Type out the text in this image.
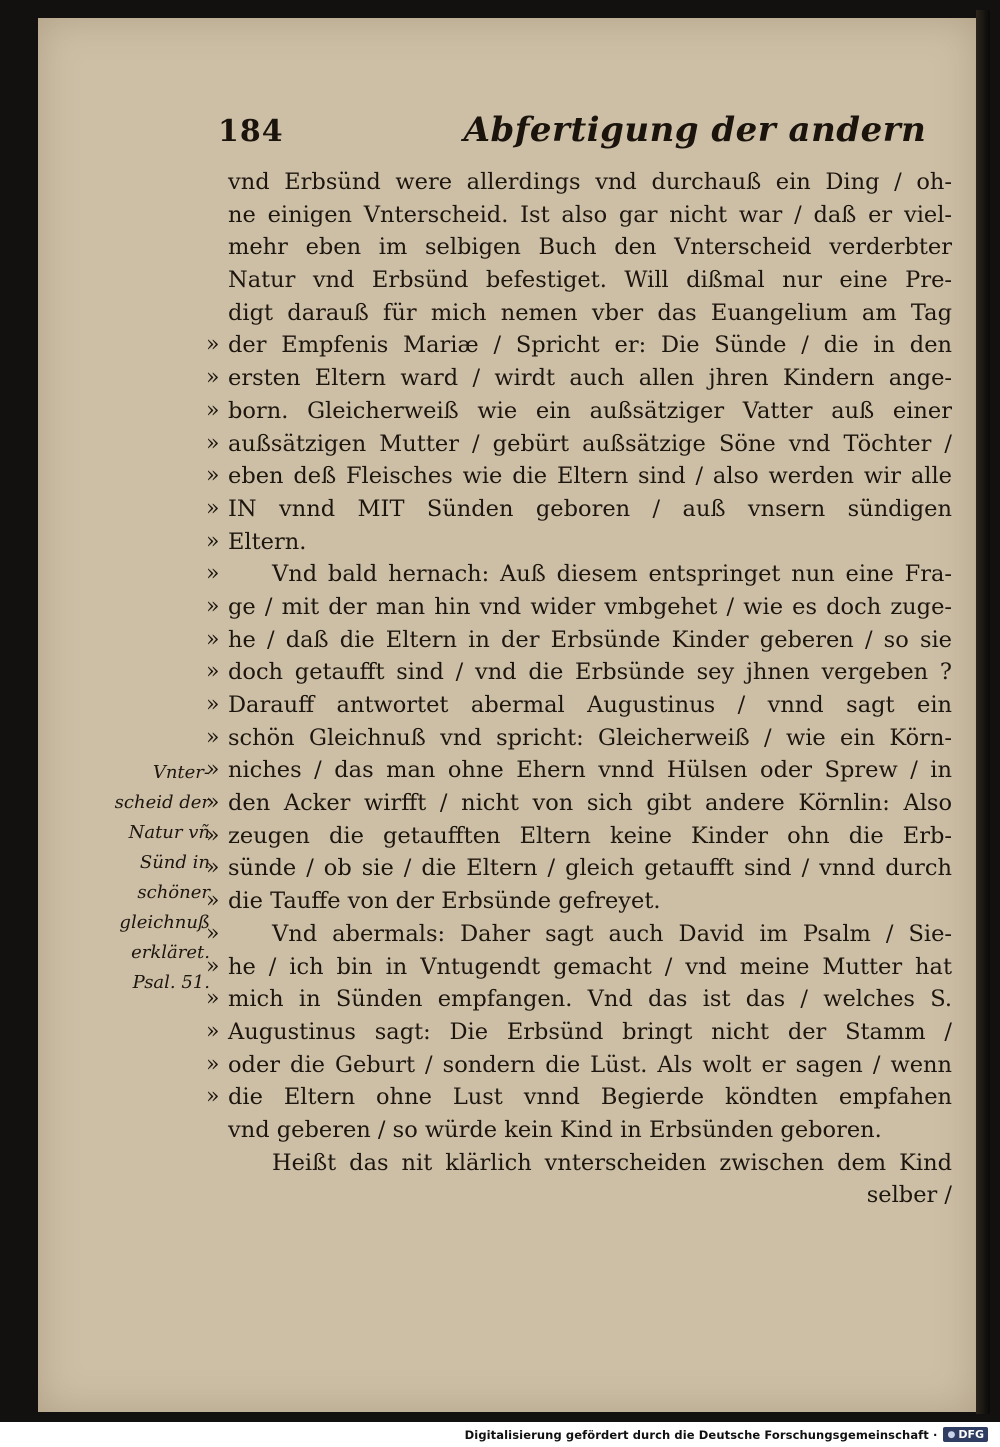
184	Abfertigung der andern
vnd Erbsünd were allerdings vnd durchauß ein Ding / oh-
ne einigen Vnterscheid. Ist also gar nicht war / daß er viel-
mehr eben im selbigen Buch den Vnterscheid verderbter
Natur vnd Erbsünd befestiget. Will dißmal nur eine Pre-
digt darauß für mich nemen vber das Euangelium am Tag
» der Empfenis Mariæ / Spricht er: Die Sünde / die in den
» ersten Eltern ward / wirdt auch allen jhren Kindern ange-
» born. Gleicherweiß wie ein außsätziger Vatter auß einer
» außsätzigen Mutter / gebürt außsätzige Söne vnd Töchter /
» eben deß Fleisches wie die Eltern sind / also werden wir alle
» IN vnnd MIT Sünden geboren / auß vnsern sündigen
» Eltern.
» Vnd bald hernach: Auß diesem entspringet nun eine Fra-
» ge / mit der man hin vnd wider vmbgehet / wie es doch zuge-
» he / daß die Eltern in der Erbsünde Kinder geberen / so sie
» doch getaufft sind / vnd die Erbsünde sey jhnen vergeben ?
» Darauff antwortet abermal Augustinus / vnnd sagt ein
» schön Gleichnuß vnd spricht: Gleicherweiß / wie ein Körn-
» niches / das man ohne Ehern vnnd Hülsen oder Sprew / in
» den Acker wirfft / nicht von sich gibt andere Körnlin: Also
» zeugen die getaufften Eltern keine Kinder ohn die Erb-
» sünde / ob sie / die Eltern / gleich getaufft sind / vnnd durch
» die Tauffe von der Erbsünde gefreyet.
» Vnd abermals: Daher sagt auch David im Psalm / Sie-
» he / ich bin in Vntugendt gemacht / vnd meine Mutter hat
» mich in Sünden empfangen. Vnd das ist das / welches S.
» Augustinus sagt: Die Erbsünd bringt nicht der Stamm /
» oder die Geburt / sondern die Lüst. Als wolt er sagen / wenn
» die Eltern ohne Lust vnnd Begierde köndten empfahen
vnd geberen / so würde kein Kind in Erbsünden geboren.
Heißt das nit klärlich vnterscheiden zwischen dem Kind
selber /
Vnter-
scheid der
Natur vñ
Sünd in
schöner
gleichnuß
erkläret.
Psal. 51.
Digitalisierung gefördert durch die Deutsche Forschungsgemeinschaft · ● DFG
